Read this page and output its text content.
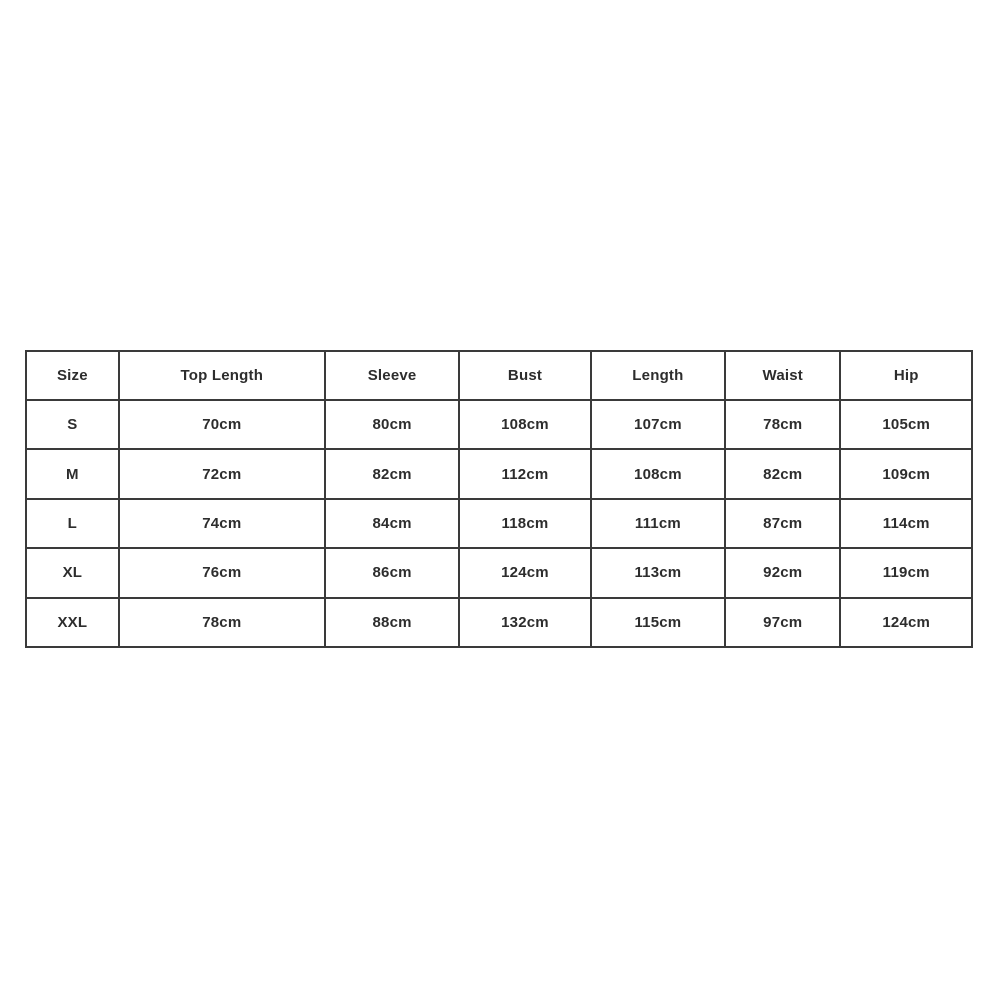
Size	Top Length	Sleeve	Bust	Length	Waist	Hip
S	70cm	80cm	108cm	107cm	78cm	105cm
M	72cm	82cm	112cm	108cm	82cm	109cm
L	74cm	84cm	118cm	111cm	87cm	114cm
XL	76cm	86cm	124cm	113cm	92cm	119cm
XXL	78cm	88cm	132cm	115cm	97cm	124cm
